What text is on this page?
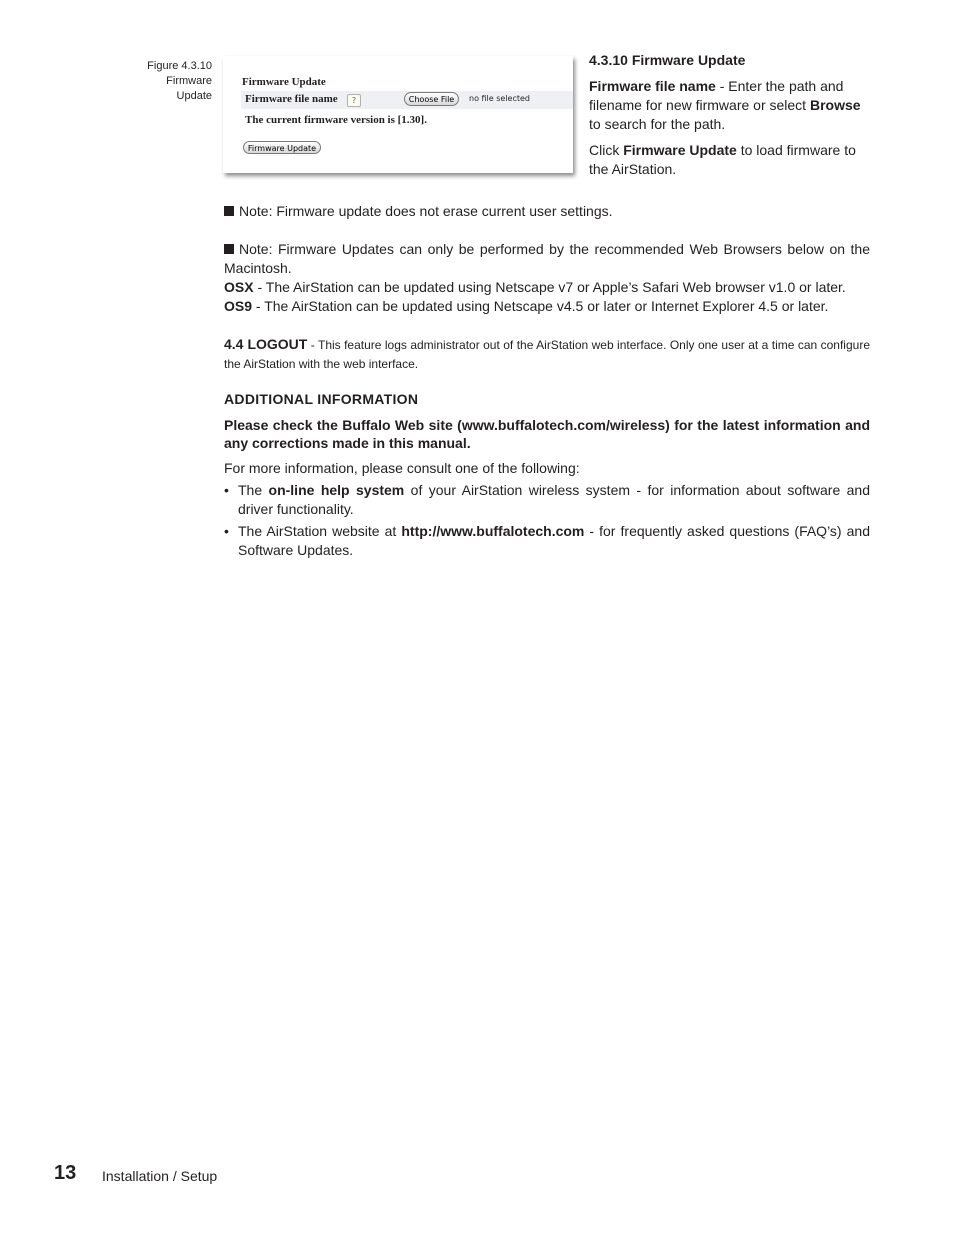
Figure 4.3.10
Firmware
Update
Firmware Update
Firmware file name	?	Choose File	no file selected
The current firmware version is [1.30].
Firmware Update
4.3.10 Firmware Update

Firmware file name - Enter the path and filename for new firmware or select Browse to search for the path.

Click Firmware Update to load firmware to the AirStation.

Note: Firmware update does not erase current user settings.

Note: Firmware Updates can only be performed by the recommended Web Browsers below on the Macintosh.

OSX - The AirStation can be updated using Netscape v7 or Apple’s Safari Web browser v1.0 or later.

OS9 - The AirStation can be updated using Netscape v4.5 or later or Internet Explorer 4.5 or later.

4.4 LOGOUT - This feature logs administrator out of the AirStation web interface. Only one user at a time can configure the AirStation with the web interface.

ADDITIONAL INFORMATION

Please check the Buffalo Web site (www.buffalotech.com/wireless) for the latest information and any corrections made in this manual.

For more information, please consult one of the following:

• The on-line help system of your AirStation wireless system - for information about software and driver functionality.
• The AirStation website at http://www.buffalotech.com - for frequently asked questions (FAQ’s) and Software Updates.
13 Installation / Setup
